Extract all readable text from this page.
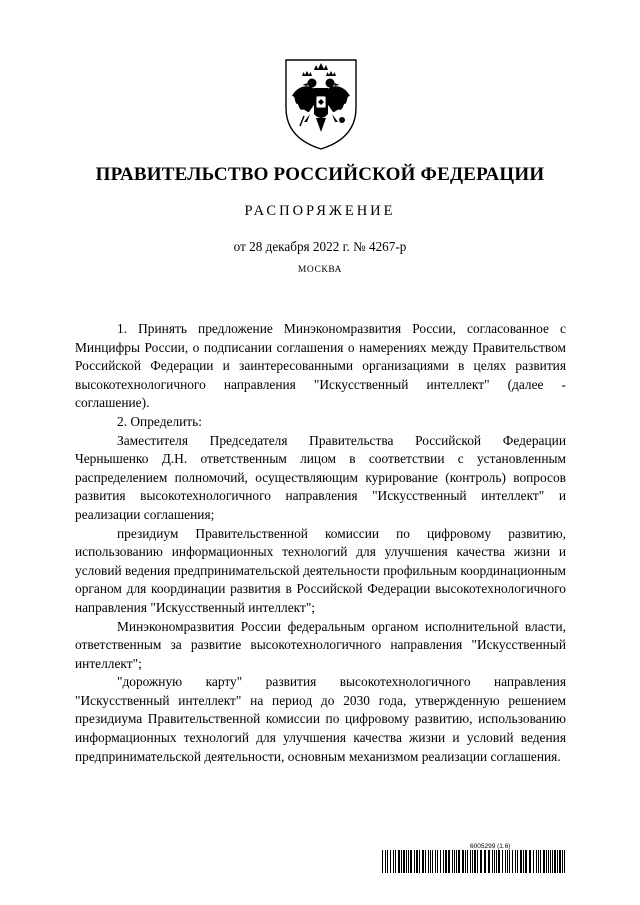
ПРАВИТЕЛЬСТВО РОССИЙСКОЙ ФЕДЕРАЦИИ
РАСПОРЯЖЕНИЕ
от 28 декабря 2022 г. № 4267-р
МОСКВА

1. Принять предложение Минэкономразвития России, согласованное с Минцифры России, о подписании соглашения о намерениях между Правительством Российской Федерации и заинтересованными организациями в целях развития высокотехнологичного направления "Искусственный интеллект" (далее - соглашение).

2. Определить:

Заместителя Председателя Правительства Российской Федерации Чернышенко Д.Н. ответственным лицом в соответствии с установленным распределением полномочий, осуществляющим курирование (контроль) вопросов развития высокотехнологичного направления "Искусственный интеллект" и реализации соглашения;

президиум Правительственной комиссии по цифровому развитию, использованию информационных технологий для улучшения качества жизни и условий ведения предпринимательской деятельности профильным координационным органом для координации развития в Российской Федерации высокотехнологичного направления "Искусственный интеллект";

Минэкономразвития России федеральным органом исполнительной власти, ответственным за развитие высокотехнологичного направления "Искусственный интеллект";

"дорожную карту" развития высокотехнологичного направления "Искусственный интеллект" на период до 2030 года, утвержденную решением президиума Правительственной комиссии по цифровому развитию, использованию информационных технологий для улучшения качества жизни и условий ведения предпринимательской деятельности, основным механизмом реализации соглашения.

6005299 (1.6)
